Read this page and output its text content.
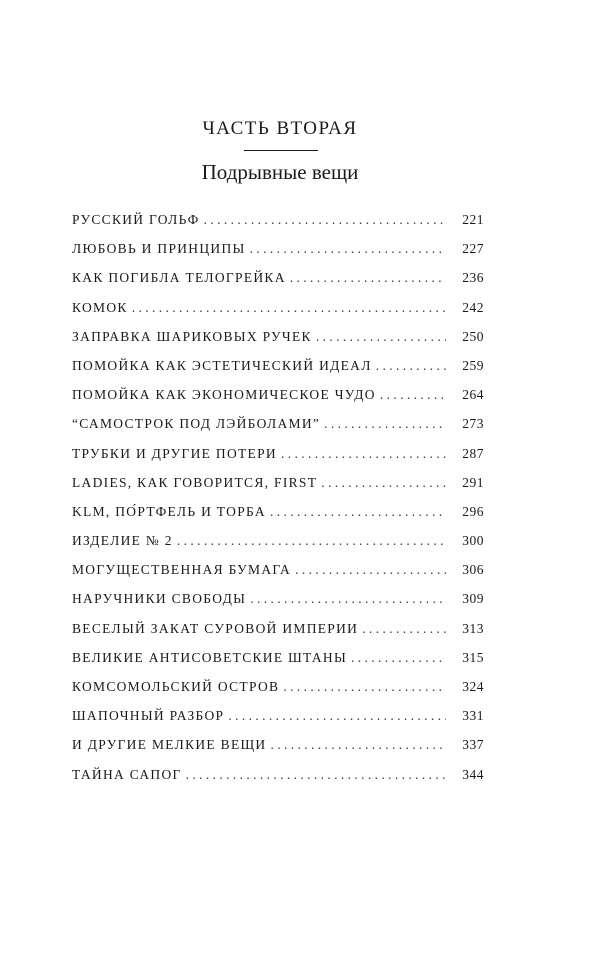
ЧАСТЬ ВТОРАЯ
Подрывные вещи
РУССКИЙ ГОЛЬФ . . .	221
ЛЮБОВЬ И ПРИНЦИПЫ . . .	227
КАК ПОГИБЛА ТЕЛОГРЕЙКА . . .	236
КОМОК . . .	242
ЗАПРАВКА ШАРИКОВЫХ РУЧЕК . . .	250
ПОМОЙКА КАК ЭСТЕТИЧЕСКИЙ ИДЕАЛ . . .	259
ПОМОЙКА КАК ЭКОНОМИЧЕСКОЕ ЧУДО . . .	264
“САМОСТРОК ПОД ЛЭЙБОЛАМИ” . . .	273
ТРУБКИ И ДРУГИЕ ПОТЕРИ . . .	287
LADIES, КАК ГОВОРИТСЯ, FIRST . . .	291
KLM, ПО́РТФЕЛЬ И ТОРБА . . .	296
ИЗДЕЛИЕ № 2 . . .	300
МОГУЩЕСТВЕННАЯ БУМАГА . . .	306
НАРУЧНИКИ СВОБОДЫ . . .	309
ВЕСЕЛЫЙ ЗАКАТ СУРОВОЙ ИМПЕРИИ . . .	313
ВЕЛИКИЕ АНТИСОВЕТСКИЕ ШТАНЫ . . .	315
КОМСОМОЛЬСКИЙ ОСТРОВ . . .	324
ШАПОЧНЫЙ РАЗБОР . . .	331
И ДРУГИЕ МЕЛКИЕ ВЕЩИ . . .	337
ТАЙНА САПОГ . . .	344
